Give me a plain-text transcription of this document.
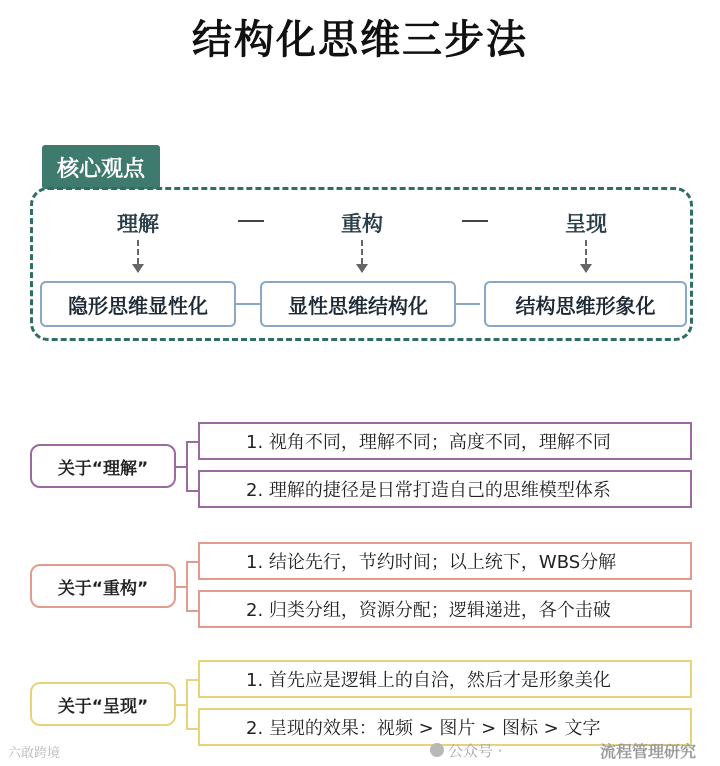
结构化思维三步法
核心观点
理解	重构	呈现
隐形思维显性化	显性思维结构化	结构思维形象化
关于“理解”
1. 视角不同，理解不同；高度不同，理解不同
2. 理解的捷径是日常打造自己的思维模型体系
关于“重构”
1. 结论先行，节约时间；以上统下，WBS分解
2. 归类分组，资源分配；逻辑递进，各个击破
关于“呈现”
1. 首先应是逻辑上的自洽，然后才是形象美化
2. 呈现的效果：视频 > 图片 > 图标 > 文字
六敢跨境	公众号 ·	流程管理研究
